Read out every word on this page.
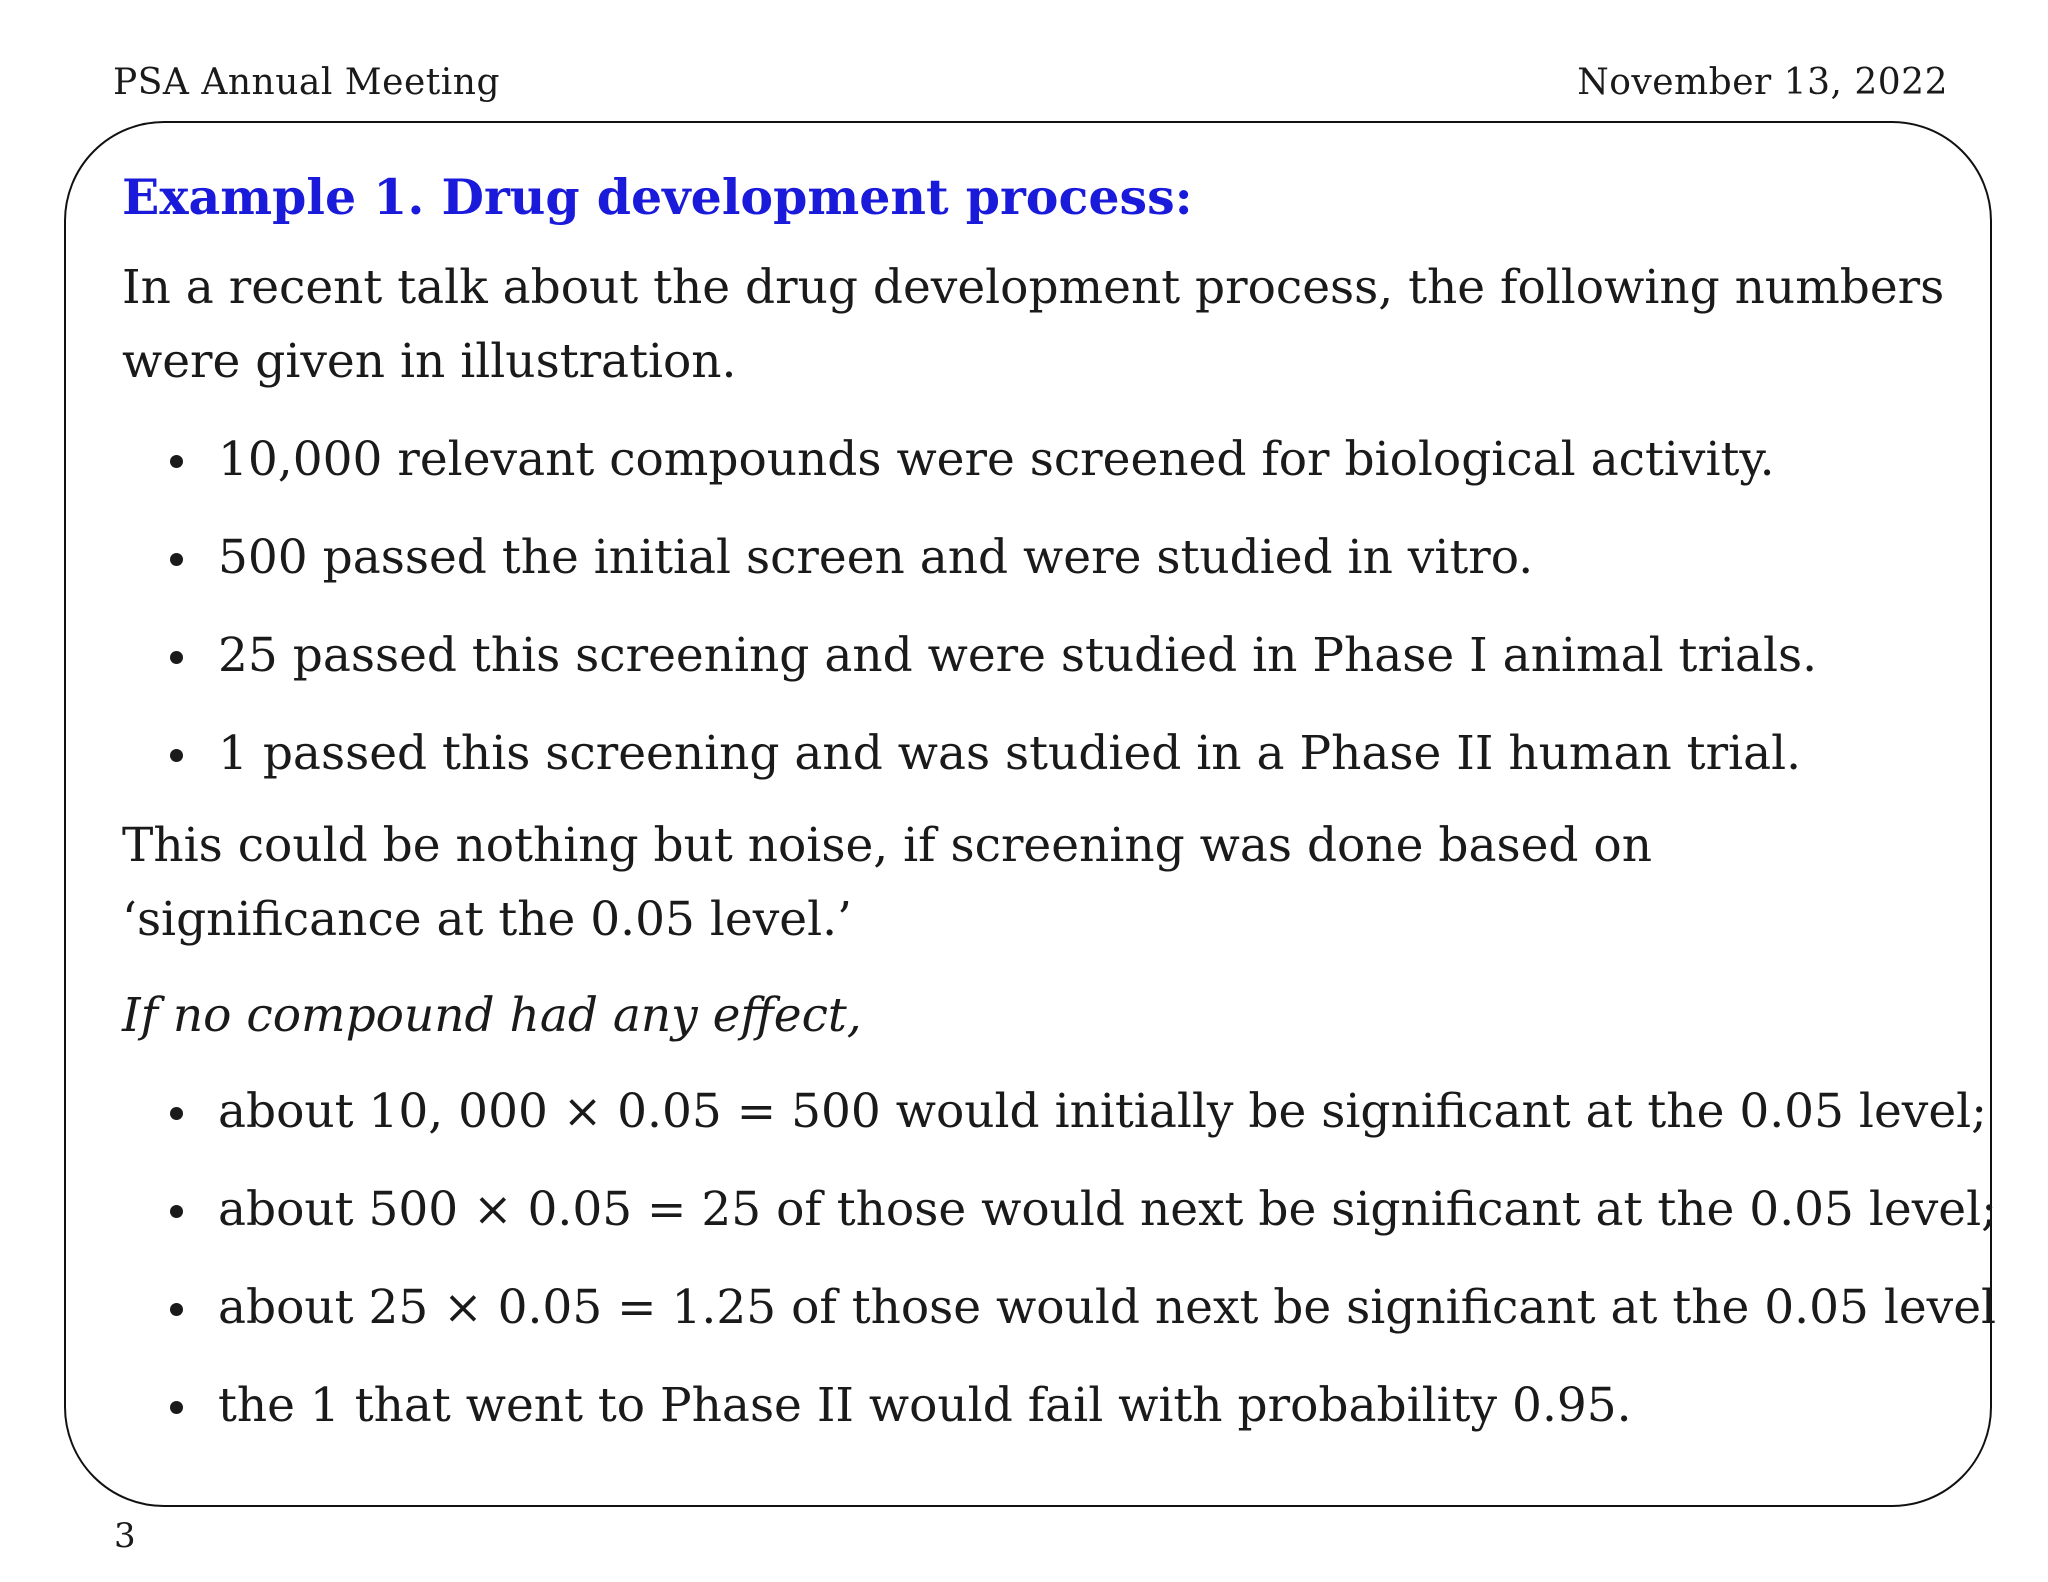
PSA Annual Meeting	November 13, 2022
Example 1. Drug development process:

In a recent talk about the drug development process, the following numbers were given in illustration.

10,000 relevant compounds were screened for biological activity.
500 passed the initial screen and were studied in vitro.
25 passed this screening and were studied in Phase I animal trials.
1 passed this screening and was studied in a Phase II human trial.

This could be nothing but noise, if screening was done based on ‘significance at the 0.05 level.’

If no compound had any effect,

about 10, 000 × 0.05 = 500 would initially be significant at the 0.05 level;
about 500 × 0.05 = 25 of those would next be significant at the 0.05 level;
about 25 × 0.05 = 1.25 of those would next be significant at the 0.05 level
the 1 that went to Phase II would fail with probability 0.95.
3
